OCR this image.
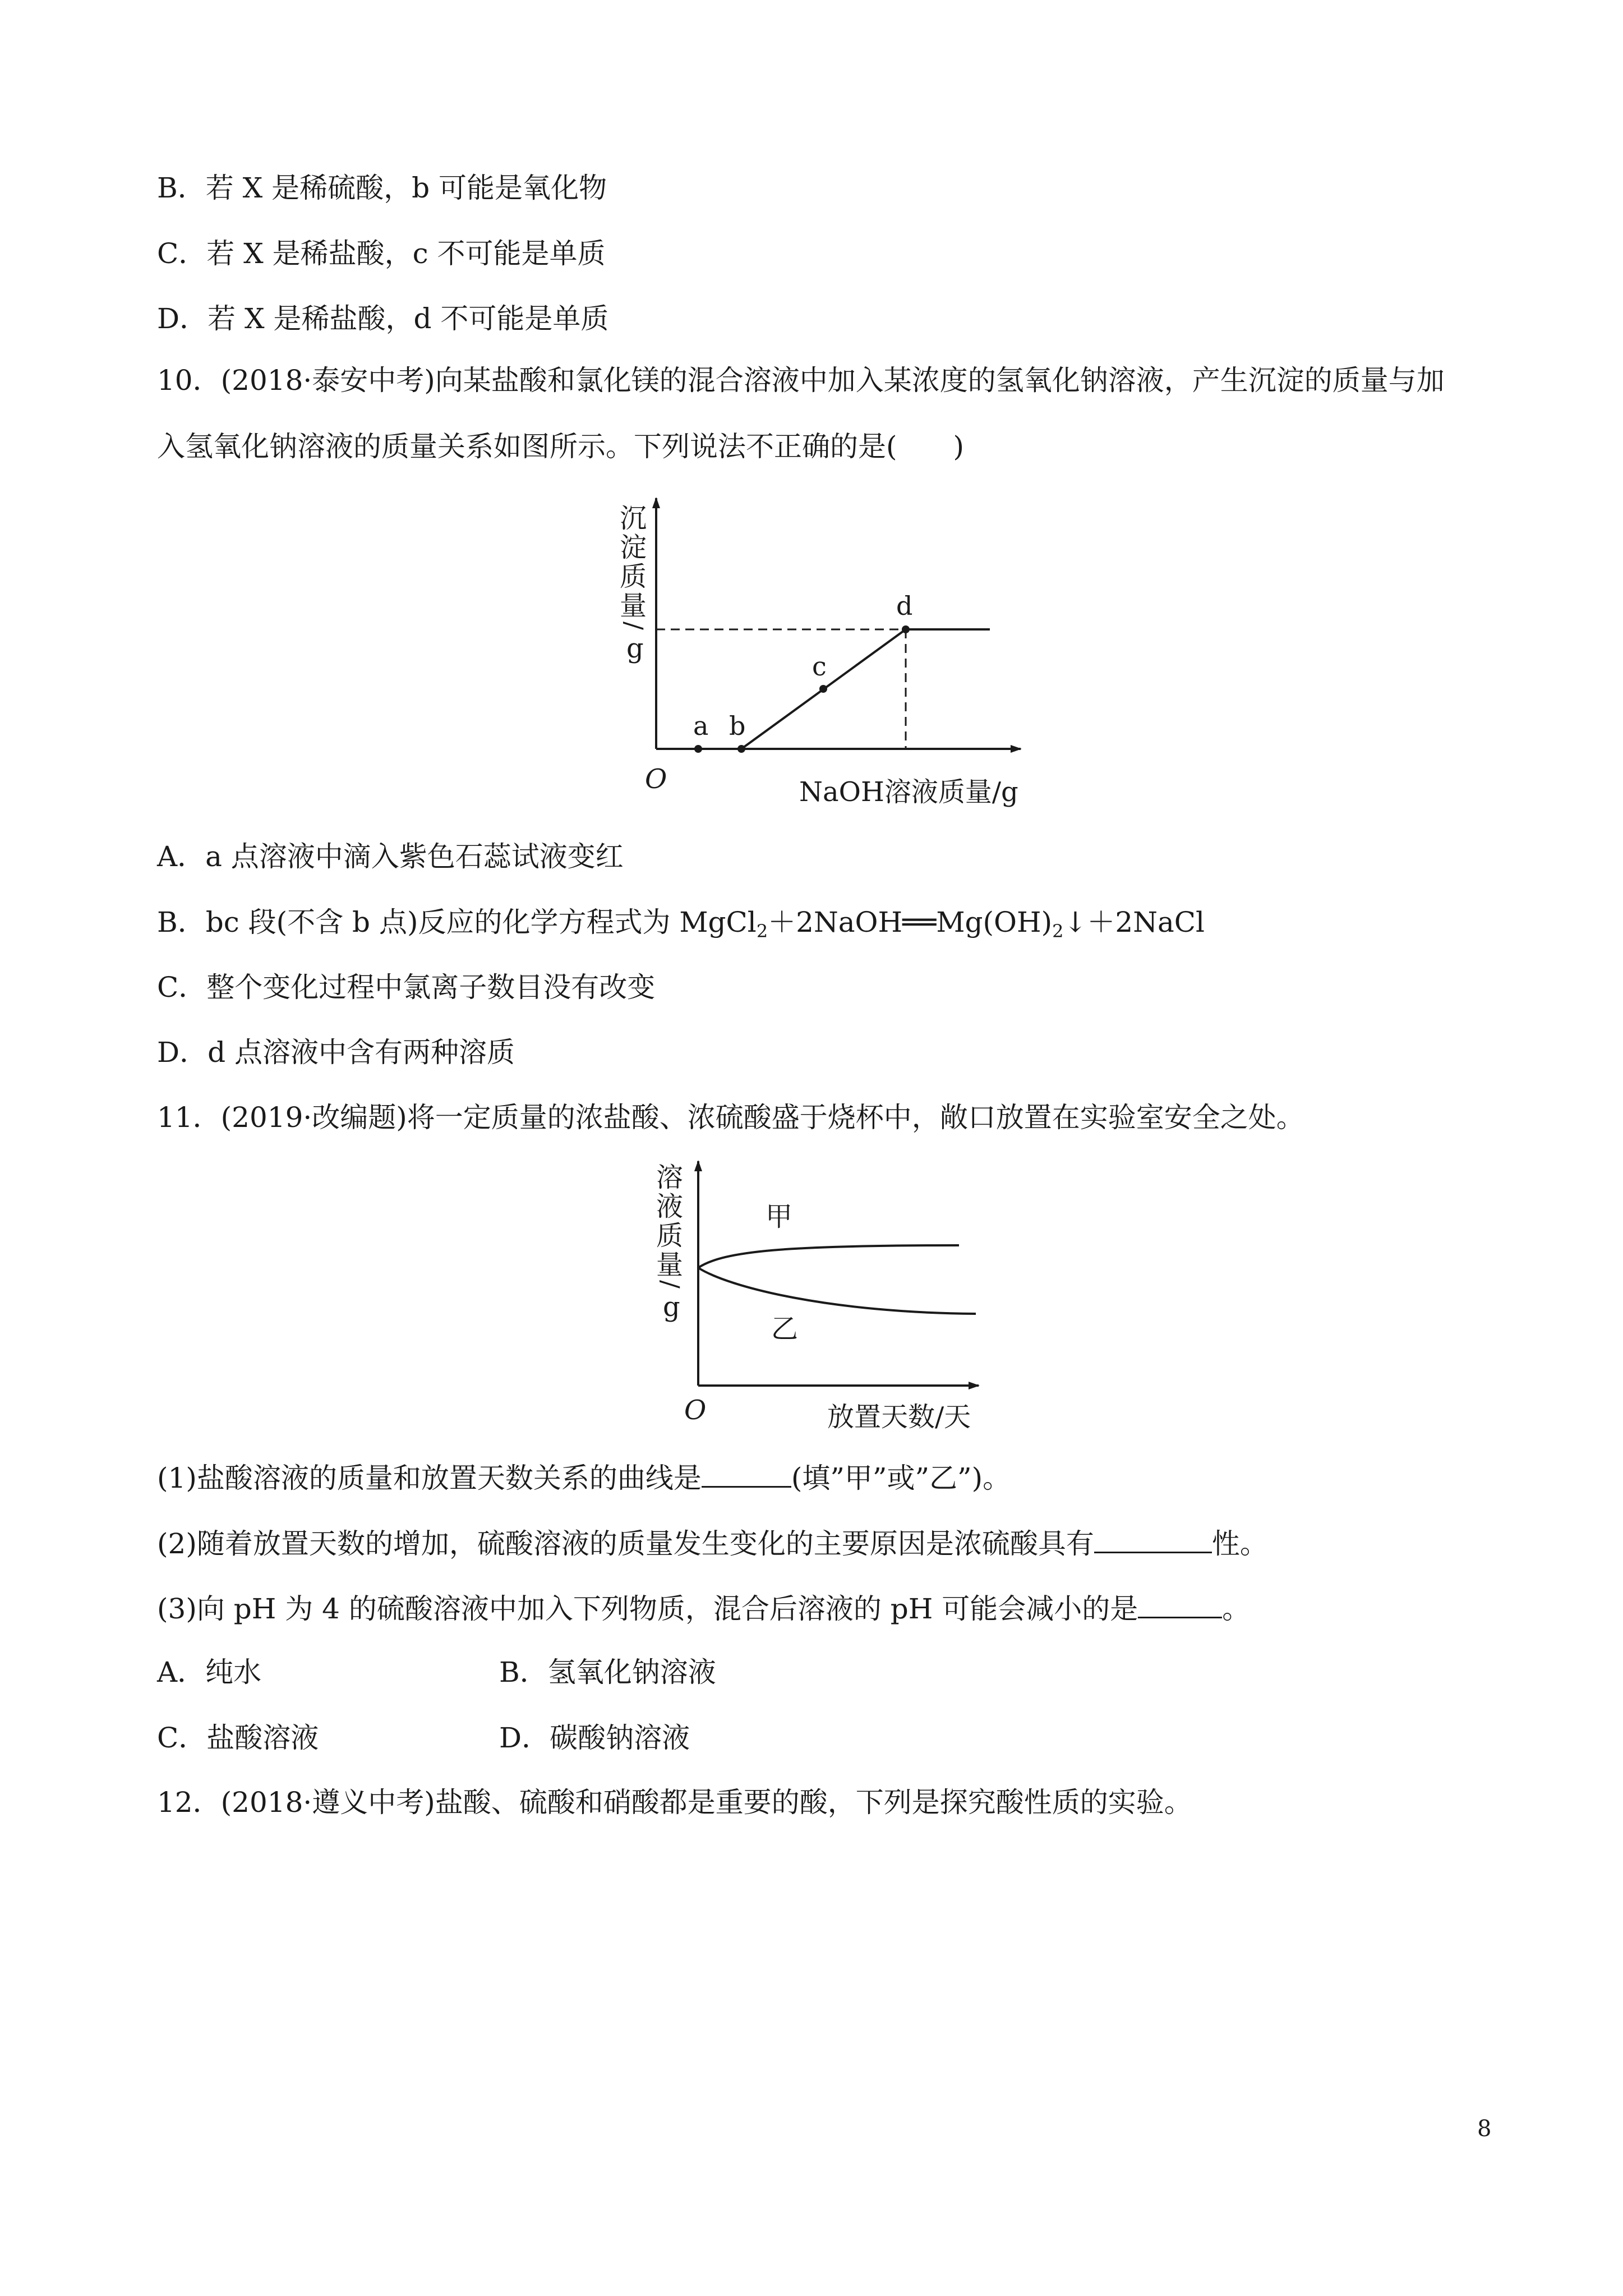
B．若 X 是稀硫酸，b 可能是氧化物
C．若 X 是稀盐酸，c 不可能是单质
D．若 X 是稀盐酸，d 不可能是单质
10．(2018·泰安中考)向某盐酸和氯化镁的混合溶液中加入某浓度的氢氧化钠溶液，产生沉淀的质量与加
入氢氧化钠溶液的质量关系如图所示。下列说法不正确的是(　　)
a b
c
d
沉
淀
质
量
/
g
O	NaOH溶液质量/g
A．a 点溶液中滴入紫色石蕊试液变红
B．bc 段(不含 b 点)反应的化学方程式为 $MgCl_2+2NaOH══Mg(OH)_2↓+2NaCl$
C．整个变化过程中氯离子数目没有改变
D．d 点溶液中含有两种溶质
11．(2019·改编题)将一定质量的浓盐酸、浓硫酸盛于烧杯中，敞口放置在实验室安全之处。
甲
乙
溶
液
质
量
/
g
O	放置天数/天
(1)盐酸溶液的质量和放置天数关系的曲线是	(填”甲”或”乙”)。
(2)随着放置天数的增加，硫酸溶液的质量发生变化的主要原因是浓硫酸具有	性。
(3)向 pH 为 4 的硫酸溶液中加入下列物质，混合后溶液的 pH 可能会减小的是	。
A．纯水	B．氢氧化钠溶液
C．盐酸溶液	D．碳酸钠溶液
12．(2018·遵义中考)盐酸、硫酸和硝酸都是重要的酸，下列是探究酸性质的实验。
8
